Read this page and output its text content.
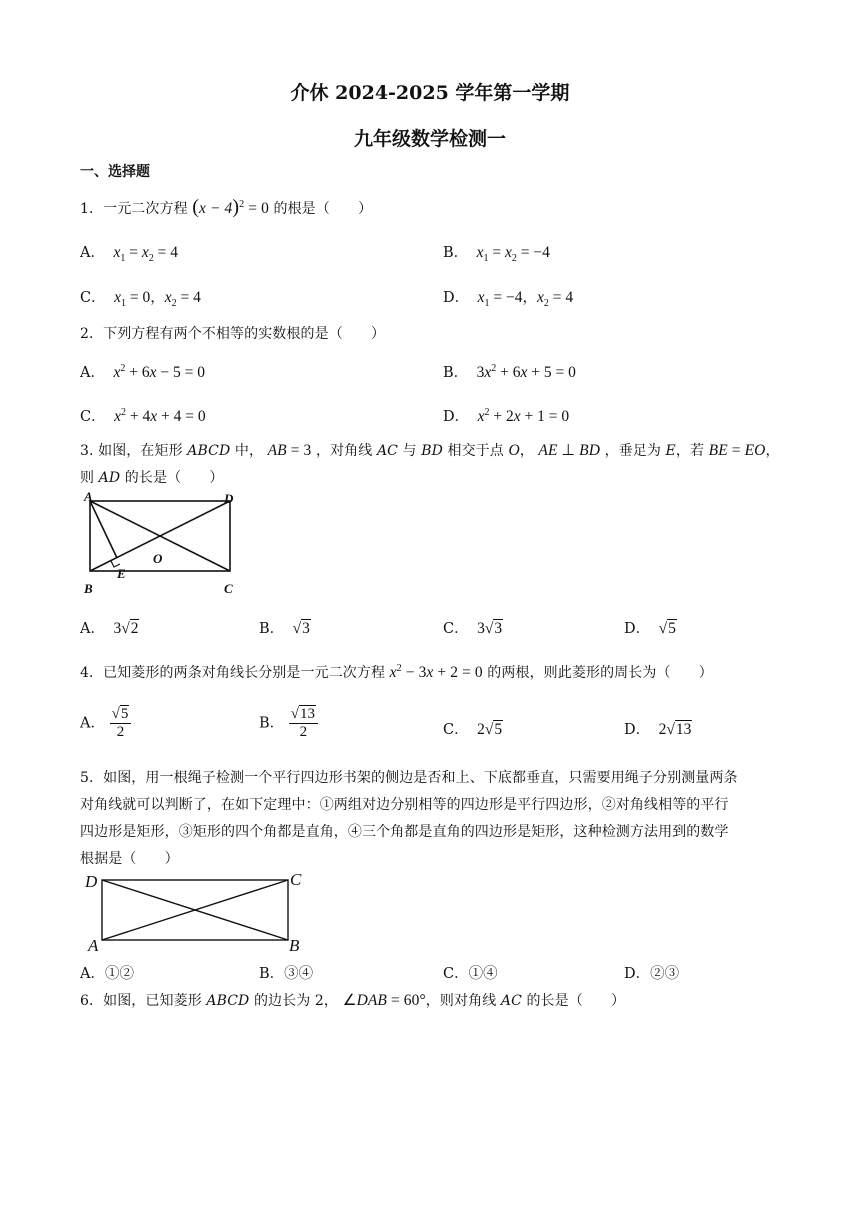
介休 2024-2025 学年第一学期
九年级数学检测一
一、选择题
1．一元二次方程 $(x - 4)^2 = 0$ 的根是（　　）
A．  $x_1 = x_2 = 4$	B．  $x_1 = x_2 = -4$
C．  $x_1 = 0$，$x_2 = 4$	D．  $x_1 = -4$，$x_2 = 4$
2．下列方程有两个不相等的实数根的是（　　）
A．  $x^2 + 6x - 5 = 0$	B． $3x^2 + 6x + 5 = 0$
C．  $x^2 + 4x + 4 = 0$	D．  $x^2 + 2x + 1 = 0$
3. 如图，在矩形 ABCD 中， AB = 3 ，对角线 AC 与 BD 相交于点 O， AE ⊥ BD ，垂足为 E，若 BE = EO，
则 AD 的长是（　　）
A	D
B	C
O
E
A．  3√2	B．  √3	C．  3√3	D．  √5
4．已知菱形的两条对角线长分别是一元二次方程 $x^2 - 3x + 2 = 0$ 的两根，则此菱形的周长为（　　）
A． $\frac{√5}{2}$	B． $\frac{√13}{2}$	C．  2√5	D．  2√13
5．如图，用一根绳子检测一个平行四边形书架的侧边是否和上、下底都垂直，只需要用绳子分别测量两条
对角线就可以判断了，在如下定理中：①两组对边分别相等的四边形是平行四边形，②对角线相等的平行
四边形是矩形，③矩形的四个角都是直角，④三个角都是直角的四边形是矩形，这种检测方法用到的数学
根据是（　　）
D	C
A	B
A．①②	B．③④	C．①④	D．②③
6．如图，已知菱形 ABCD 的边长为 2， ∠DAB = 60°，则对角线 AC 的长是（　　）
